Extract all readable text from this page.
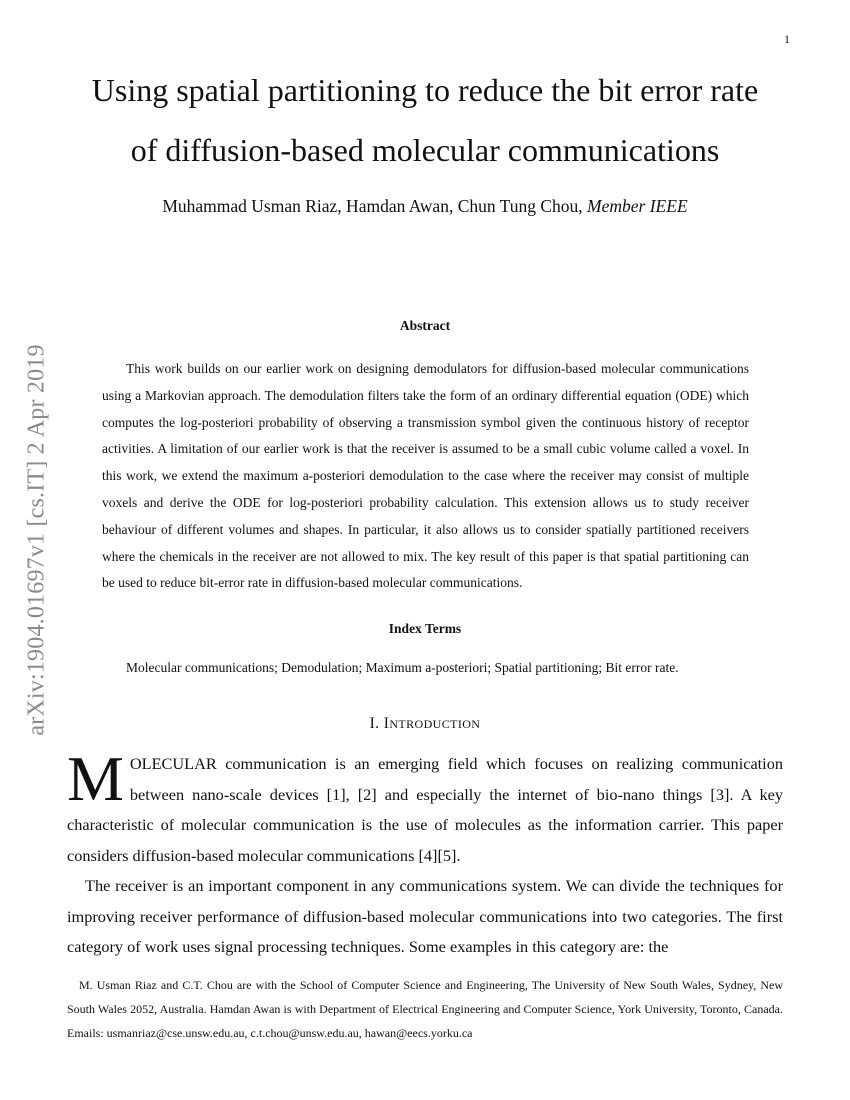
1
arXiv:1904.01697v1 [cs.IT] 2 Apr 2019
Using spatial partitioning to reduce the bit error rate
of diffusion-based molecular communications
Muhammad Usman Riaz, Hamdan Awan, Chun Tung Chou, Member IEEE
Abstract

This work builds on our earlier work on designing demodulators for diffusion-based molecular communications using a Markovian approach. The demodulation filters take the form of an ordinary differential equation (ODE) which computes the log-posteriori probability of observing a transmission symbol given the continuous history of receptor activities. A limitation of our earlier work is that the receiver is assumed to be a small cubic volume called a voxel. In this work, we extend the maximum a-posteriori demodulation to the case where the receiver may consist of multiple voxels and derive the ODE for log-posteriori probability calculation. This extension allows us to study receiver behaviour of different volumes and shapes. In particular, it also allows us to consider spatially partitioned receivers where the chemicals in the receiver are not allowed to mix. The key result of this paper is that spatial partitioning can be used to reduce bit-error rate in diffusion-based molecular communications.

Index Terms

Molecular communications; Demodulation; Maximum a-posteriori; Spatial partitioning; Bit error rate.

I. INTRODUCTION

MOLECULAR communication is an emerging field which focuses on realizing communication between nano-scale devices [1], [2] and especially the internet of bio-nano things [3]. A key characteristic of molecular communication is the use of molecules as the information carrier. This paper considers diffusion-based molecular communications [4][5].

The receiver is an important component in any communications system. We can divide the techniques for improving receiver performance of diffusion-based molecular communications into two categories. The first category of work uses signal processing techniques. Some examples in this category are: the

M. Usman Riaz and C.T. Chou are with the School of Computer Science and Engineering, The University of New South Wales, Sydney, New South Wales 2052, Australia. Hamdan Awan is with Department of Electrical Engineering and Computer Science, York University, Toronto, Canada. Emails: usmanriaz@cse.unsw.edu.au, c.t.chou@unsw.edu.au, hawan@eecs.yorku.ca
